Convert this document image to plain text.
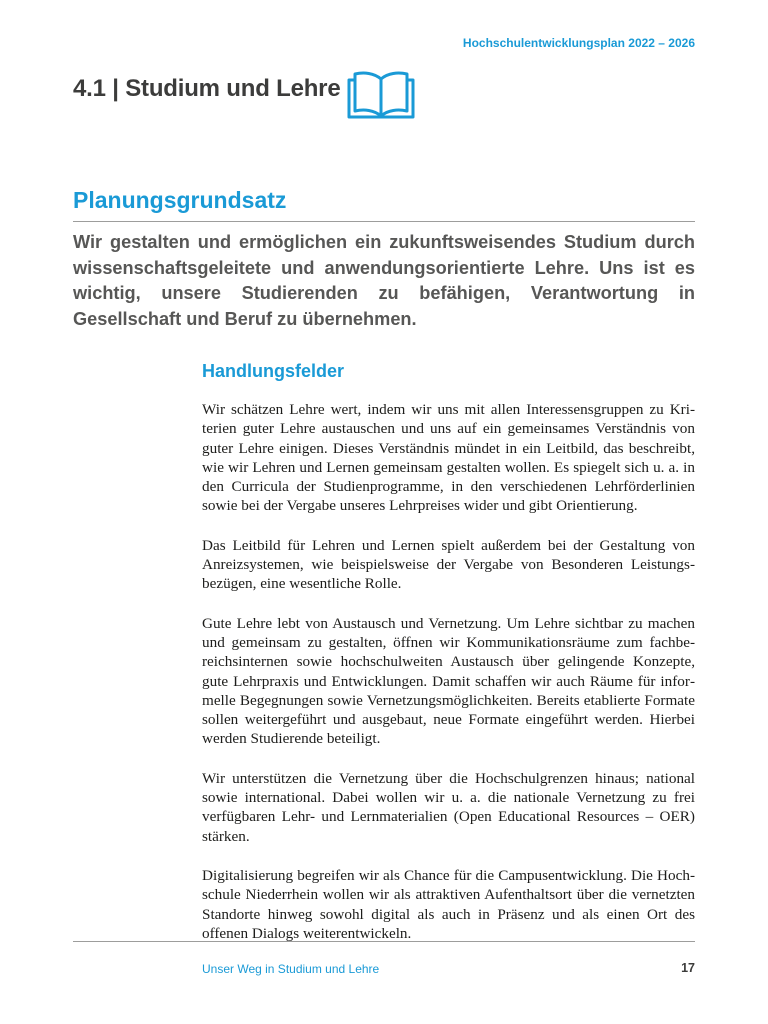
Hochschulentwicklungsplan 2022 – 2026
4.1 | Studium und Lehre
Planungsgrundsatz

Wir gestalten und ermöglichen ein zukunftsweisendes Studium durch wissenschaftsgeleitete und anwendungsorientierte Lehre. Uns ist es wichtig, unsere Studierenden zu befähigen, Verantwortung in Gesellschaft und Beruf zu übernehmen.

Handlungsfelder

Wir schätzen Lehre wert, indem wir uns mit allen Interessensgruppen zu Kriterien guter Lehre austauschen und uns auf ein gemeinsames Verständnis von guter Lehre einigen. Dieses Verständnis mündet in ein Leitbild, das beschreibt, wie wir Lehren und Lernen gemeinsam gestalten wollen. Es spiegelt sich u. a. in den Curricula der Studienprogramme, in den verschiedenen Lehrförderlinien sowie bei der Vergabe unseres Lehrpreises wider und gibt Orientierung.

Das Leitbild für Lehren und Lernen spielt außerdem bei der Gestaltung von Anreizsystemen, wie beispielsweise der Vergabe von Besonderen Leistungsbezügen, eine wesentliche Rolle.

Gute Lehre lebt von Austausch und Vernetzung. Um Lehre sichtbar zu machen und gemeinsam zu gestalten, öffnen wir Kommunikationsräume zum fachbereichsinternen sowie hochschulweiten Austausch über gelingende Konzepte, gute Lehrpraxis und Entwicklungen. Damit schaffen wir auch Räume für informelle Begegnungen sowie Vernetzungsmöglichkeiten. Bereits etablierte Formate sollen weitergeführt und ausgebaut, neue Formate eingeführt werden. Hierbei werden Studierende beteiligt.

Wir unterstützen die Vernetzung über die Hochschulgrenzen hinaus; national sowie international. Dabei wollen wir u. a. die nationale Vernetzung zu frei verfügbaren Lehr- und Lernmaterialien (Open Educational Resources – OER) stärken.

Digitalisierung begreifen wir als Chance für die Campusentwicklung. Die Hochschule Niederrhein wollen wir als attraktiven Aufenthaltsort über die vernetzten Standorte hinweg sowohl digital als auch in Präsenz und als einen Ort des offenen Dialogs weiterentwickeln.

Unser Weg in Studium und Lehre	17
